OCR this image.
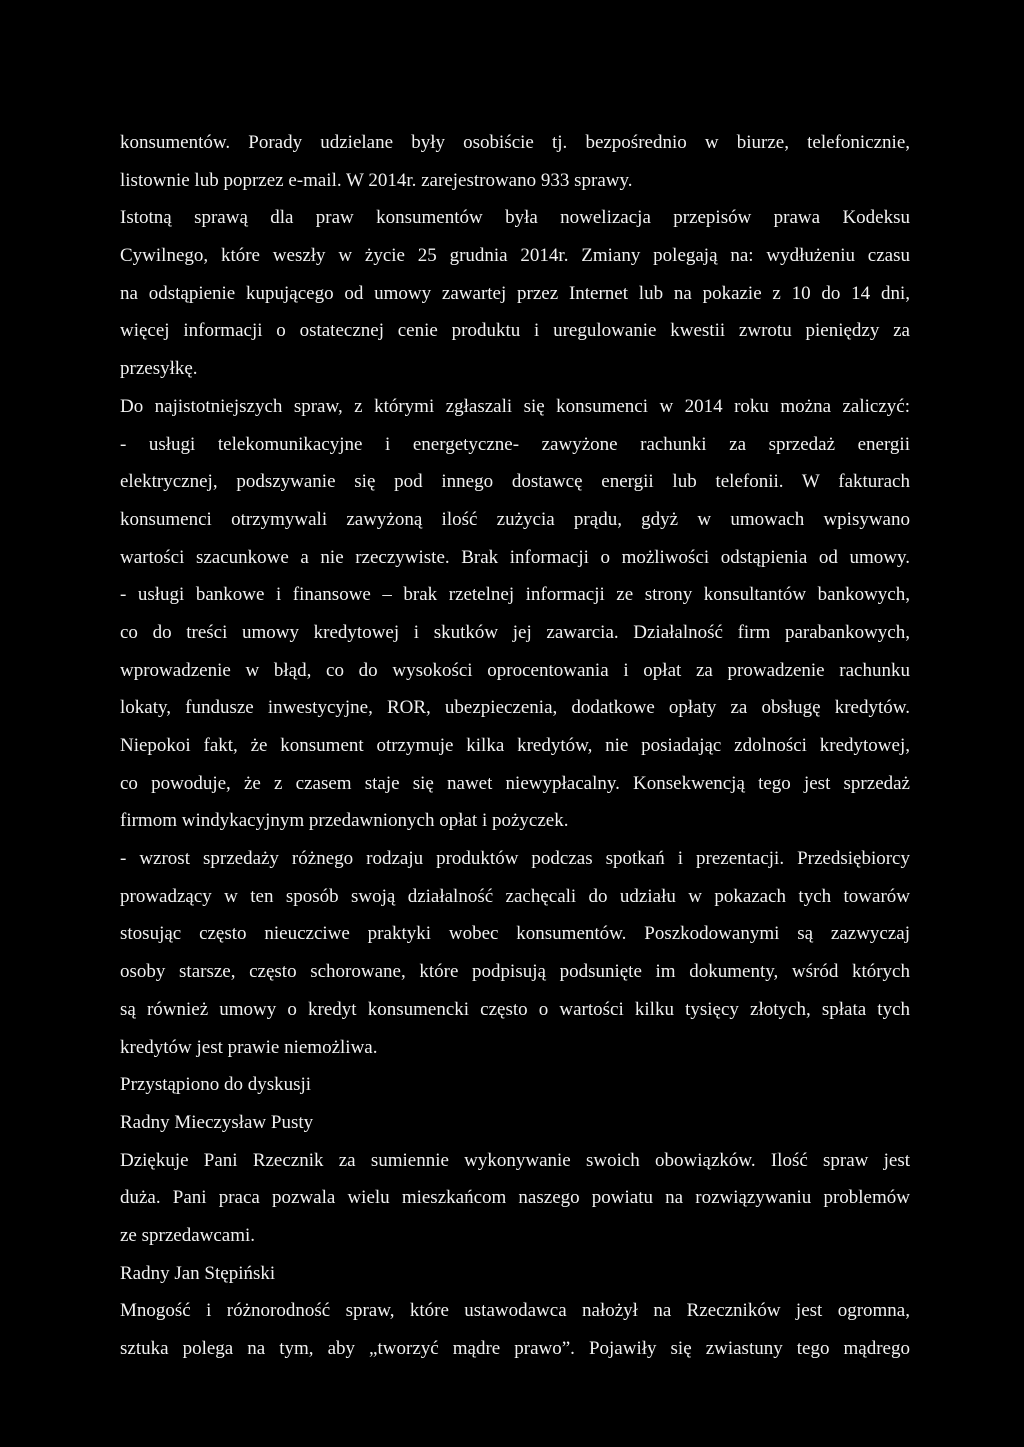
konsumentów. Porady udzielane były osobiście tj. bezpośrednio w biurze, telefonicznie,
listownie lub poprzez e-mail. W 2014r. zarejestrowano 933 sprawy.
Istotną sprawą dla praw konsumentów była nowelizacja przepisów prawa Kodeksu
Cywilnego, które weszły w życie 25 grudnia 2014r. Zmiany polegają na: wydłużeniu czasu
na odstąpienie kupującego od umowy zawartej przez Internet lub na pokazie z 10 do 14 dni,
więcej informacji o ostatecznej cenie produktu i uregulowanie kwestii zwrotu pieniędzy za
przesyłkę.
Do najistotniejszych spraw, z którymi zgłaszali się konsumenci w 2014 roku można zaliczyć:
- usługi telekomunikacyjne i energetyczne- zawyżone rachunki za sprzedaż energii
elektrycznej, podszywanie się pod innego dostawcę energii lub telefonii. W fakturach
konsumenci otrzymywali zawyżoną ilość zużycia prądu, gdyż w umowach wpisywano
wartości szacunkowe a nie rzeczywiste. Brak informacji o możliwości odstąpienia od umowy.
- usługi bankowe i finansowe – brak rzetelnej informacji ze strony konsultantów bankowych,
co do treści umowy kredytowej i skutków jej zawarcia. Działalność firm parabankowych,
wprowadzenie w błąd, co do wysokości oprocentowania i opłat za prowadzenie rachunku
lokaty, fundusze inwestycyjne, ROR, ubezpieczenia, dodatkowe opłaty za obsługę kredytów.
Niepokoi fakt, że konsument otrzymuje kilka kredytów, nie posiadając zdolności kredytowej,
co powoduje, że z czasem staje się nawet niewypłacalny. Konsekwencją tego jest sprzedaż
firmom windykacyjnym przedawnionych opłat i pożyczek.
- wzrost sprzedaży różnego rodzaju produktów podczas spotkań i prezentacji. Przedsiębiorcy
prowadzący w ten sposób swoją działalność zachęcali do udziału w pokazach tych towarów
stosując często nieuczciwe praktyki wobec konsumentów. Poszkodowanymi są zazwyczaj
osoby starsze, często schorowane, które podpisują podsunięte im dokumenty, wśród których
są również umowy o kredyt konsumencki często o wartości kilku tysięcy złotych, spłata tych
kredytów jest prawie niemożliwa.
Przystąpiono do dyskusji
Radny Mieczysław Pusty
Dziękuje Pani Rzecznik za sumiennie wykonywanie swoich obowiązków. Ilość spraw jest
duża. Pani praca pozwala wielu mieszkańcom naszego powiatu na rozwiązywaniu problemów
ze sprzedawcami.
Radny Jan Stępiński
Mnogość i różnorodność spraw, które ustawodawca nałożył na Rzeczników jest ogromna,
sztuka polega na tym, aby „tworzyć mądre prawo”. Pojawiły się zwiastuny tego mądrego
